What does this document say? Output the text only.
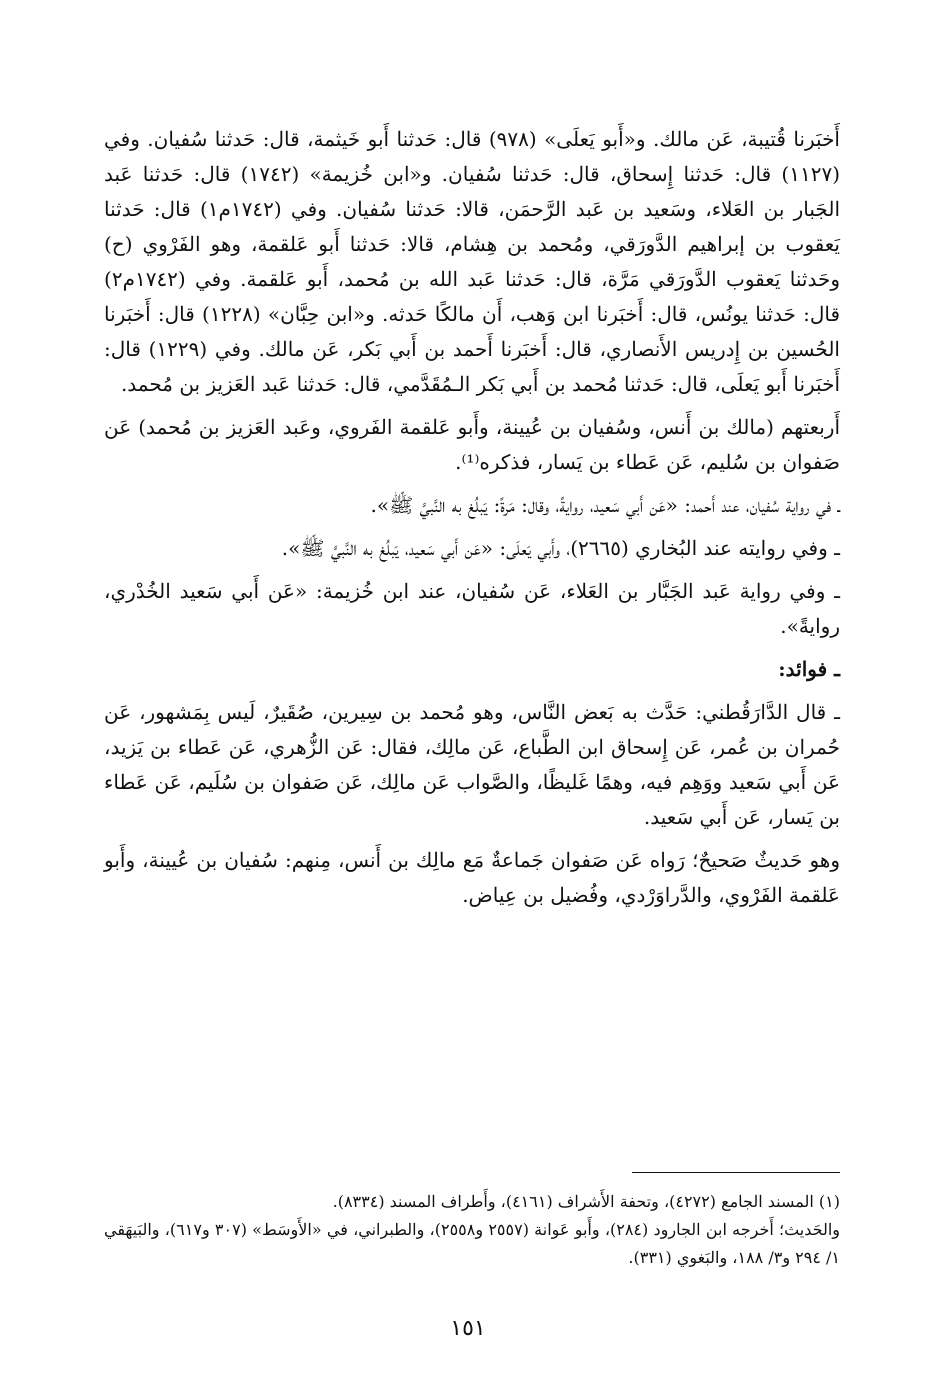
أَخبَرنا قُتيبة، عَن مالك. و«أَبو يَعلَى» (٩٧٨) قال: حَدثنا أَبو خَيثمة، قال: حَدثنا سُفيان. وفي (١١٢٧) قال: حَدثنا إِسحاق، قال: حَدثنا سُفيان. و«ابن خُزيمة» (١٧٤٢) قال: حَدثنا عَبد الجَبار بن العَلاء، وسَعيد بن عَبد الرَّحمَن، قالا: حَدثنا سُفيان. وفي (١٧٤٢م١) قال: حَدثنا يَعقوب بن إبراهيم الدَّورَقي، ومُحمد بن هِشام، قالا: حَدثنا أَبو عَلقمة، وهو الفَرْوي (ح) وحَدثنا يَعقوب الدَّورَقي مَرَّة، قال: حَدثنا عَبد الله بن مُحمد، أَبو عَلقمة. وفي (١٧٤٢م٢) قال: حَدثنا يونُس، قال: أَخبَرنا ابن وَهب، أَن مالكًا حَدثه. و«ابن حِبَّان» (١٢٢٨) قال: أَخبَرنا الحُسين بن إِدريس الأَنصاري، قال: أَخبَرنا أَحمد بن أَبي بَكر، عَن مالك. وفي (١٢٢٩) قال: أَخبَرنا أَبو يَعلَى، قال: حَدثنا مُحمد بن أَبي بَكر الـمُقَدَّمي، قال: حَدثنا عَبد العَزيز بن مُحمد.

أَربعتهم (مالك بن أَنس، وسُفيان بن عُيينة، وأَبو عَلقمة الفَروي، وعَبد العَزيز بن مُحمد) عَن صَفوان بن سُليم، عَن عَطاء بن يَسار، فذكره⁽¹⁾.

ـ في رواية سُفيان، عند أَحمد: «عَن أَبي سَعيد، روايةً، وقال: مَرةً: يَبلُغ به النَّبيَّ ﷺ».

ـ وفي روايته عند البُخاري (٢٦٦٥)، وأَبي يَعلَى: «عَن أَبي سَعيد، يَبلُغ به النَّبيَّ ﷺ».

ـ وفي رواية عَبد الجَبَّار بن العَلاء، عَن سُفيان، عند ابن خُزيمة: «عَن أَبي سَعيد الخُدْري، روايةً».

ـ فوائد:

ـ قال الدَّارَقُطني: حَدَّث به بَعض النَّاس، وهو مُحمد بن سِيرين، صُقَيرٌ، لَيس بِمَشهور، عَن حُمران بن عُمر، عَن إِسحاق ابن الطَّباع، عَن مالِك، فقال: عَن الزُّهري، عَن عَطاء بن يَزيد، عَن أَبي سَعيد ووَهِم فيه، وهمًا غَليظًا، والصَّواب عَن مالِك، عَن صَفوان بن سُلَيم، عَن عَطاء بن يَسار، عَن أَبي سَعيد.

وهو حَديثٌ صَحيحٌ؛ رَواه عَن صَفوان جَماعةٌ مَع مالِك بن أَنس، مِنهم: سُفيان بن عُيينة، وأَبو عَلقمة الفَرْوي، والدَّراوَرْدي، وفُضيل بن عِياض.

(١) المسند الجامع (٤٢٧٢)، وتحفة الأَشراف (٤١٦١)، وأَطراف المسند (٨٣٣٤).

والحَديث؛ أَخرجه ابن الجارود (٢٨٤)، وأَبو عَوانة (٢٥٥٧ و٢٥٥٨)، والطبراني، في «الأَوسَط» (٣٠٧ و٦١٧)، والبَيهَقي ١/ ٢٩٤ و٣/ ١٨٨، والبَغوي (٣٣١).

١٥١
